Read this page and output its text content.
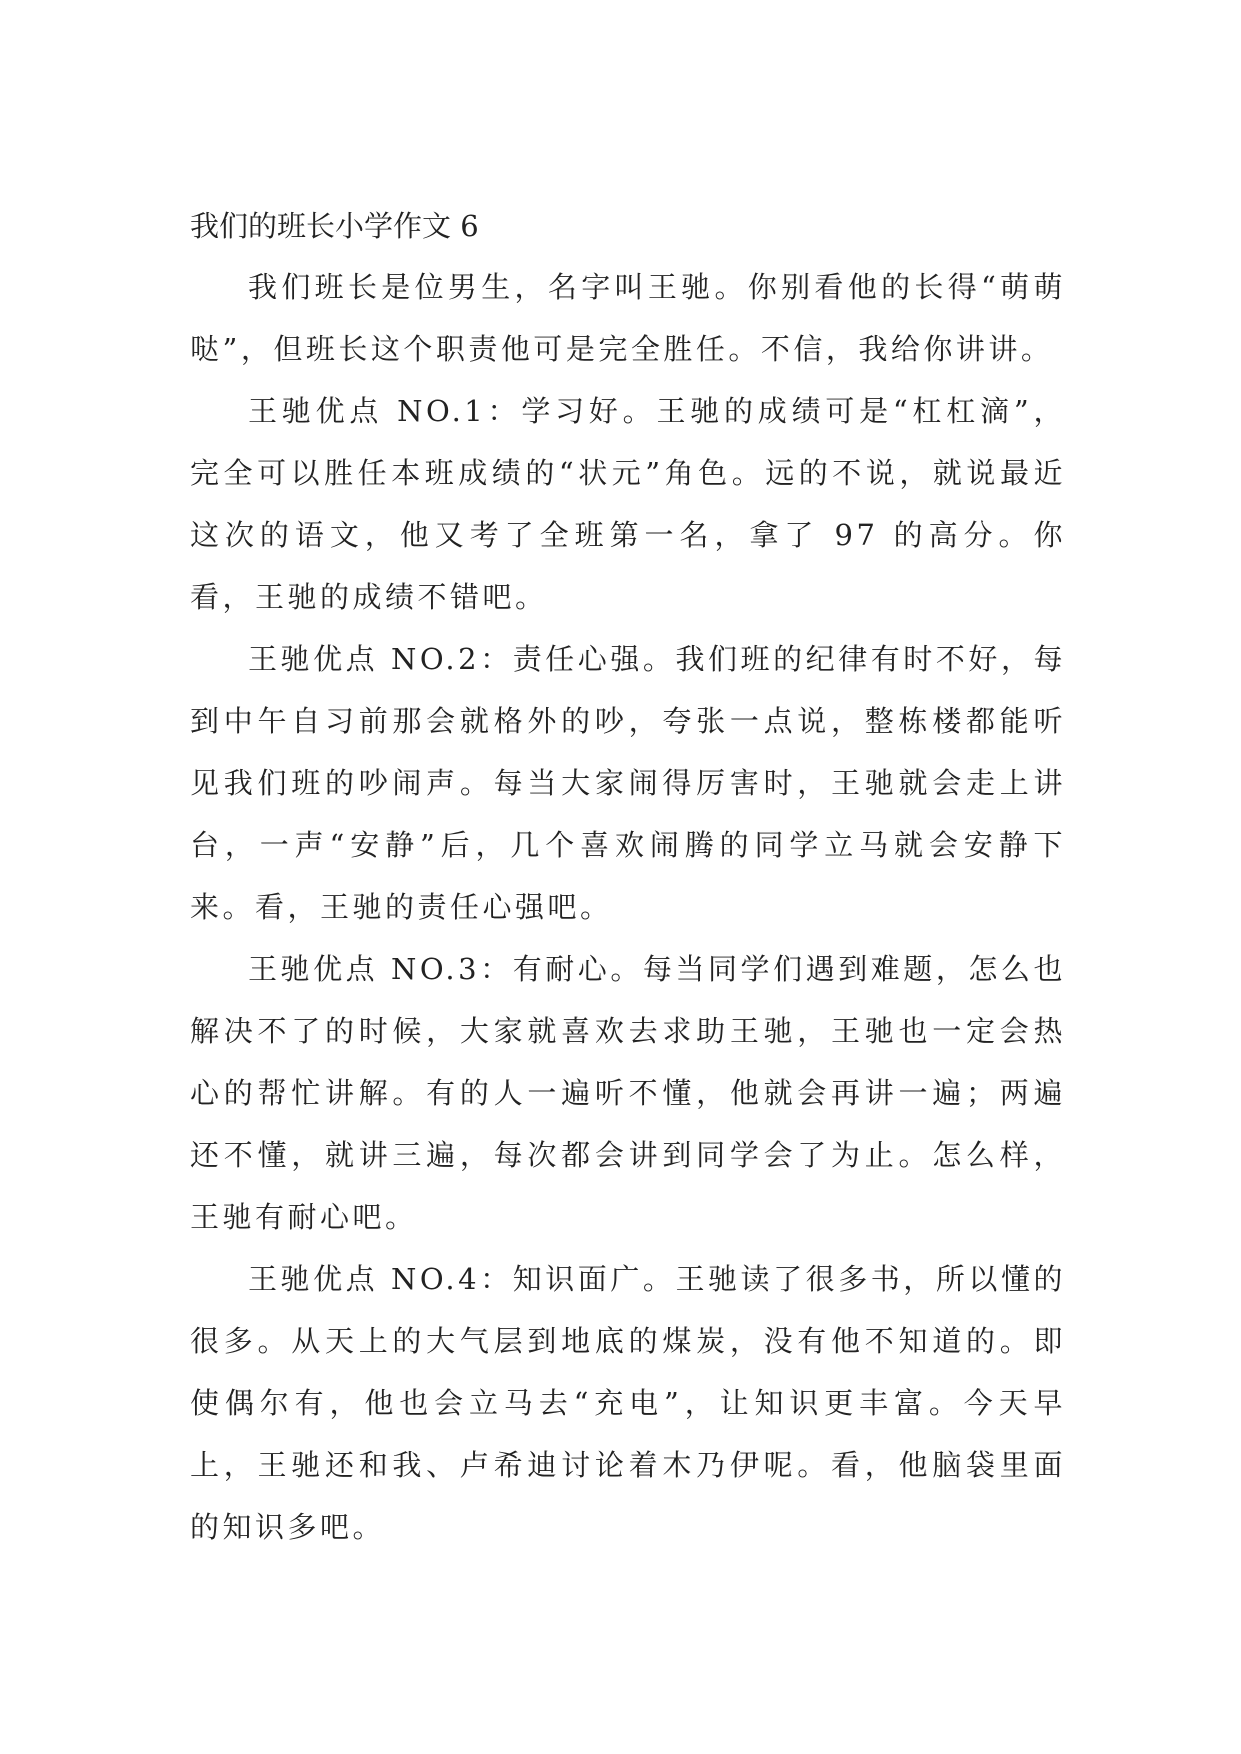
我们的班长小学作文 6

我们班长是位男生，名字叫王驰。你别看他的长得“萌萌哒”，但班长这个职责他可是完全胜任。不信，我给你讲讲。

王驰优点 NO.1：学习好。王驰的成绩可是“杠杠滴”，完全可以胜任本班成绩的“状元”角色。远的不说，就说最近这次的语文，他又考了全班第一名，拿了 97 的高分。你看，王驰的成绩不错吧。

王驰优点 NO.2：责任心强。我们班的纪律有时不好，每到中午自习前那会就格外的吵，夸张一点说，整栋楼都能听见我们班的吵闹声。每当大家闹得厉害时，王驰就会走上讲台，一声“安静”后，几个喜欢闹腾的同学立马就会安静下来。看，王驰的责任心强吧。

王驰优点 NO.3：有耐心。每当同学们遇到难题，怎么也解决不了的时候，大家就喜欢去求助王驰，王驰也一定会热心的帮忙讲解。有的人一遍听不懂，他就会再讲一遍；两遍还不懂，就讲三遍，每次都会讲到同学会了为止。怎么样，王驰有耐心吧。

王驰优点 NO.4：知识面广。王驰读了很多书，所以懂的很多。从天上的大气层到地底的煤炭，没有他不知道的。即使偶尔有，他也会立马去“充电”，让知识更丰富。今天早上，王驰还和我、卢希迪讨论着木乃伊呢。看，他脑袋里面的知识多吧。
